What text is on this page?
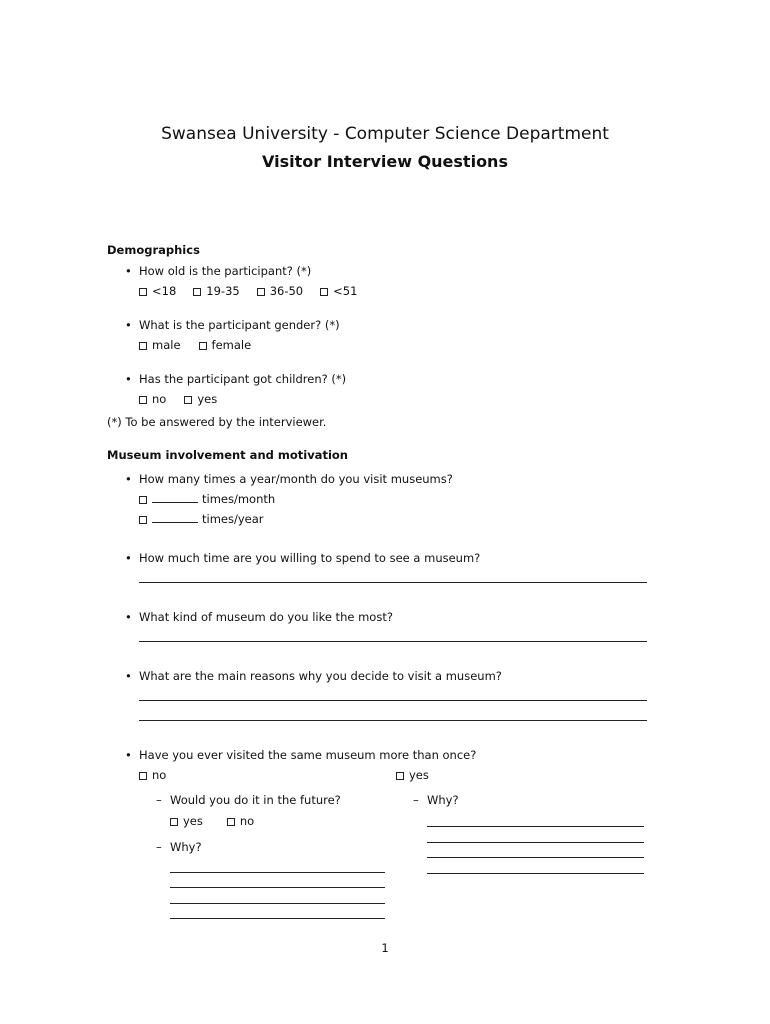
Swansea University - Computer Science Department
Visitor Interview Questions
Demographics
• How old is the participant? (*)
<18	19-35	36-50	<51
• What is the participant gender? (*)
male	female
• Has the participant got children? (*)
no	yes
(*) To be answered by the interviewer.
Museum involvement and motivation
• How many times a year/month do you visit museums?
times/month
times/year
• How much time are you willing to spend to see a museum?
• What kind of museum do you like the most?
• What are the main reasons why you decide to visit a museum?
• Have you ever visited the same museum more than once?
no	yes
– Would you do it in the future?
yes	no
– Why?
– Why?
1
